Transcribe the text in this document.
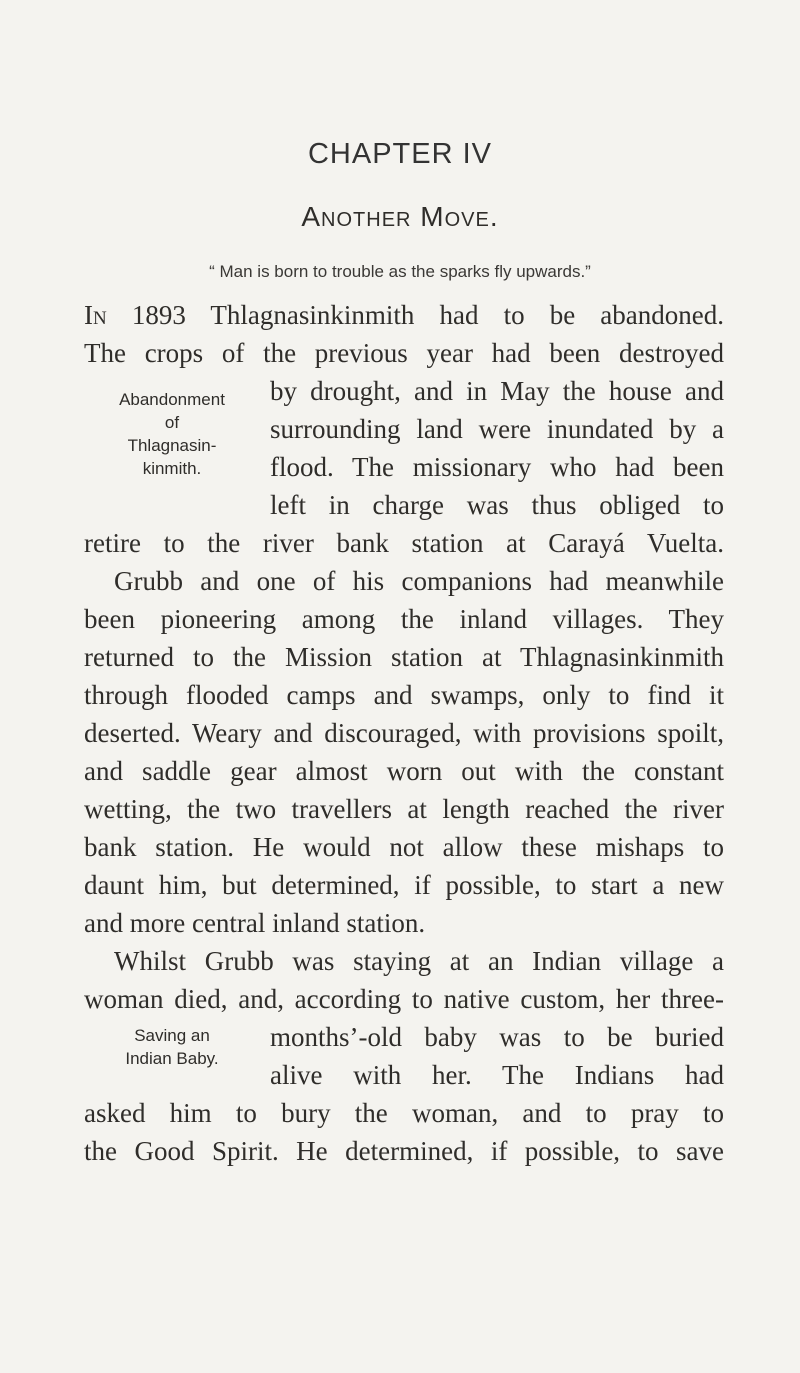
CHAPTER IV
Another Move.
“ Man is born to trouble as the sparks fly upwards.”
In 1893 Thlagnasinkinmith had to be abandoned.
The crops of the previous year had been destroyed
by drought, and in May the house and
surrounding land were inundated by a
flood. The missionary who had been
left in charge was thus obliged to
retire to the river bank station at Carayá Vuelta.
Grubb and one of his companions had meanwhile
been pioneering among the inland villages. They
returned to the Mission station at Thlagnasinkinmith
through flooded camps and swamps, only to find it
deserted. Weary and discouraged, with provisions spoilt,
and saddle gear almost worn out with the constant
wetting, the two travellers at length reached the river
bank station. He would not allow these mishaps to
daunt him, but determined, if possible, to start a new
and more central inland station.
Whilst Grubb was staying at an Indian village a
woman died, and, according to native custom, her three-
months’-old baby was to be buried
alive with her. The Indians had
asked him to bury the woman, and to pray to
the Good Spirit. He determined, if possible, to save
Abandonment
of
Thlagnasin-
kinmith.
Saving an
Indian Baby.
